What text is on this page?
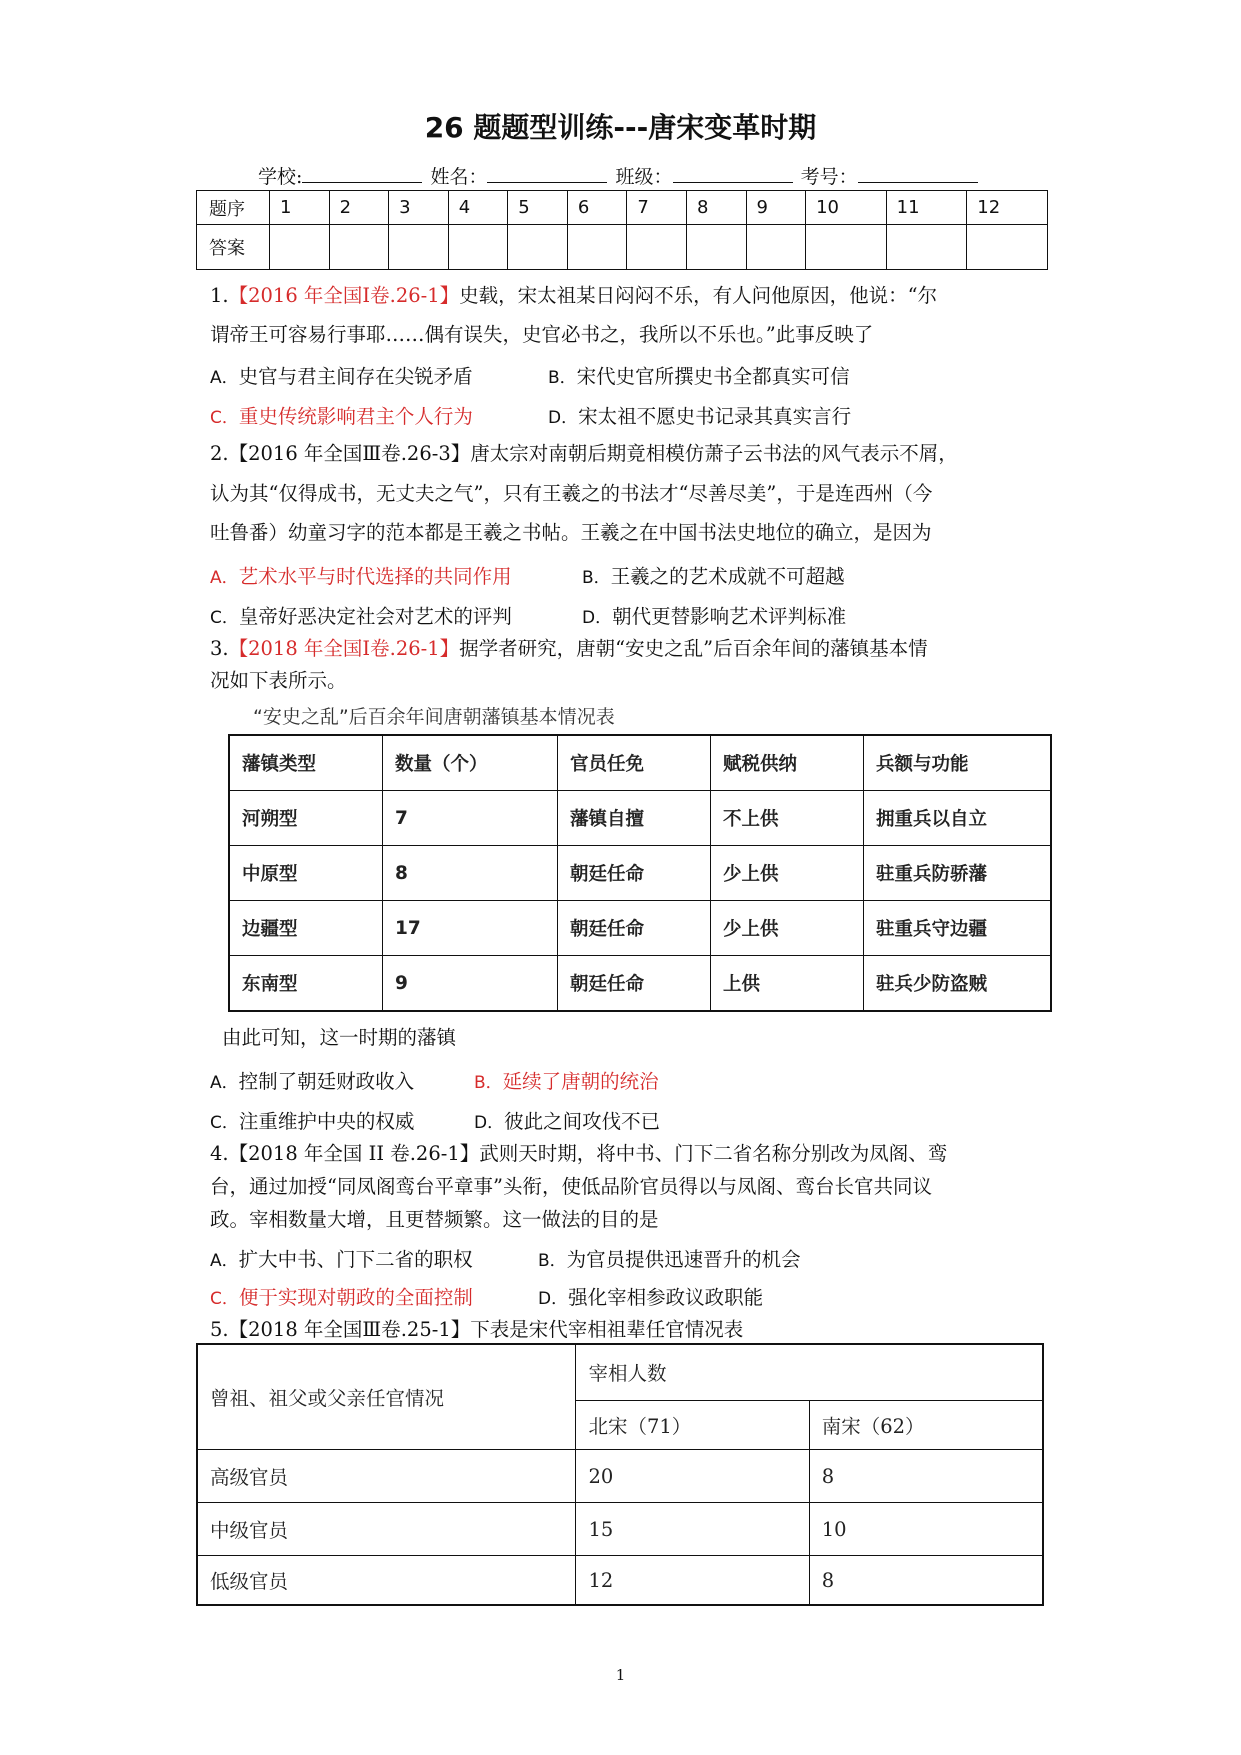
26 题题型训练---唐宋变革时期
学校:	姓名：	班级：	考号：
题序	1	2	3	4	5	6	7	8	9	10	11	12
答案												
1.【2016 年全国Ⅰ卷.26-1】史载，宋太祖某日闷闷不乐，有人问他原因，他说：“尔
谓帝王可容易行事耶……偶有误失，史官必书之，我所以不乐也。”此事反映了
A．史官与君主间存在尖锐矛盾	B．宋代史官所撰史书全都真实可信
C．重史传统影响君主个人行为	D．宋太祖不愿史书记录其真实言行
2.【2016 年全国Ⅲ卷.26-3】唐太宗对南朝后期竟相模仿萧子云书法的风气表示不屑，
认为其“仅得成书，无丈夫之气”，只有王羲之的书法才“尽善尽美”，于是连西州（今
吐鲁番）幼童习字的范本都是王羲之书帖。王羲之在中国书法史地位的确立，是因为
A．艺术水平与时代选择的共同作用	B．王羲之的艺术成就不可超越
C．皇帝好恶决定社会对艺术的评判	D．朝代更替影响艺术评判标准
3.【2018 年全国Ⅰ卷.26-1】据学者研究，唐朝“安史之乱”后百余年间的藩镇基本情
况如下表所示。
“安史之乱”后百余年间唐朝藩镇基本情况表
藩镇类型	数量（个）	官员任免	赋税供纳	兵额与功能
河朔型	7	藩镇自擅	不上供	拥重兵以自立
中原型	8	朝廷任命	少上供	驻重兵防骄藩
边疆型	17	朝廷任命	少上供	驻重兵守边疆
东南型	9	朝廷任命	上供	驻兵少防盗贼
由此可知，这一时期的藩镇
A．控制了朝廷财政收入	B．延续了唐朝的统治
C．注重维护中央的权威	D．彼此之间攻伐不已
4.【2018 年全国 II 卷.26-1】武则天时期，将中书、门下二省名称分别改为凤阁、鸾
台，通过加授“同凤阁鸾台平章事”头衔，使低品阶官员得以与凤阁、鸾台长官共同议
政。宰相数量大增，且更替频繁。这一做法的目的是
A．扩大中书、门下二省的职权	B．为官员提供迅速晋升的机会
C．便于实现对朝政的全面控制	D．强化宰相参政议政职能
5.【2018 年全国Ⅲ卷.25-1】下表是宋代宰相祖辈任官情况表
曾祖、祖父或父亲任官情况	宰相人数	
	北宋（71）	南宋（62）
高级官员	20	8
中级官员	15	10
低级官员	12	8
1
